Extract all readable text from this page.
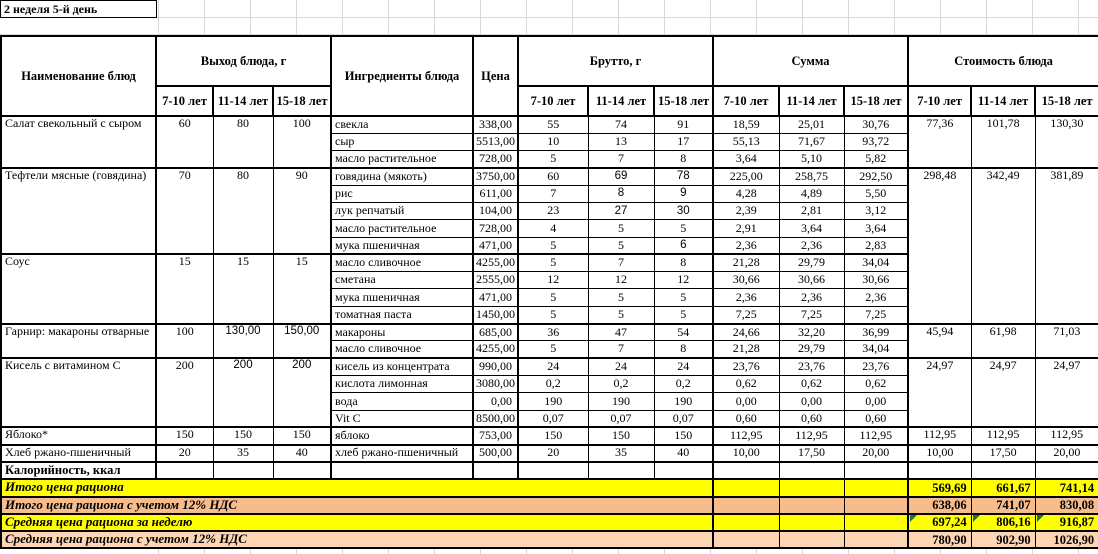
2 неделя 5-й день
Наименование блюд	Выход блюда, г			Ингредиенты блюда	Цена	Брутто, г			Сумма			Стоимость блюда		
	7-10 лет	11-14 лет	15-18 лет			7-10 лет	11-14 лет	15-18 лет	7-10 лет	11-14 лет	15-18 лет	7-10 лет	11-14 лет	15-18 лет
Салат свекольный с сыром	60	80	100	свекла	338,00	55	74	91	18,59	25,01	30,76	77,36	101,78	130,30
				сыр	5513,00	10	13	17	55,13	71,67	93,72			
				масло растительное	728,00	5	7	8	3,64	5,10	5,82			
Тефтели мясные (говядина)	70	80	90	говядина (мякоть)	3750,00	60	69	78	225,00	258,75	292,50	298,48	342,49	381,89
				рис	611,00	7	8	9	4,28	4,89	5,50			
				лук репчатый	104,00	23	27	30	2,39	2,81	3,12			
				масло растительное	728,00	4	5	5	2,91	3,64	3,64			
				мука пшеничная	471,00	5	5	6	2,36	2,36	2,83			
Соус	15	15	15	масло сливочное	4255,00	5	7	8	21,28	29,79	34,04			
				сметана	2555,00	12	12	12	30,66	30,66	30,66			
				мука пшеничная	471,00	5	5	5	2,36	2,36	2,36			
				томатная паста	1450,00	5	5	5	7,25	7,25	7,25			
Гарнир: макароны отварные	100	130,00	150,00	макароны	685,00	36	47	54	24,66	32,20	36,99	45,94	61,98	71,03
				масло сливочное	4255,00	5	7	8	21,28	29,79	34,04			
Кисель с витамином С	200	200	200	кисель из концентрата	990,00	24	24	24	23,76	23,76	23,76	24,97	24,97	24,97
				кислота лимонная	3080,00	0,2	0,2	0,2	0,62	0,62	0,62			
				вода	0,00	190	190	190	0,00	0,00	0,00			
				Vit C	8500,00	0,07	0,07	0,07	0,60	0,60	0,60			
Яблоко*	150	150	150	яблоко	753,00	150	150	150	112,95	112,95	112,95	112,95	112,95	112,95
Хлеб ржано-пшеничный	20	35	40	хлеб ржано-пшеничный	500,00	20	35	40	10,00	17,50	20,00	10,00	17,50	20,00
Калорийность, ккал														
Итого цена рациона												569,69	661,67	741,14
Итого цена рациона с учетом 12% НДС												638,06	741,07	830,08
Средняя цена рациона за неделю												697,24	806,16	916,87
Средняя цена рациона с учетом 12% НДС												780,90	902,90	1026,90
